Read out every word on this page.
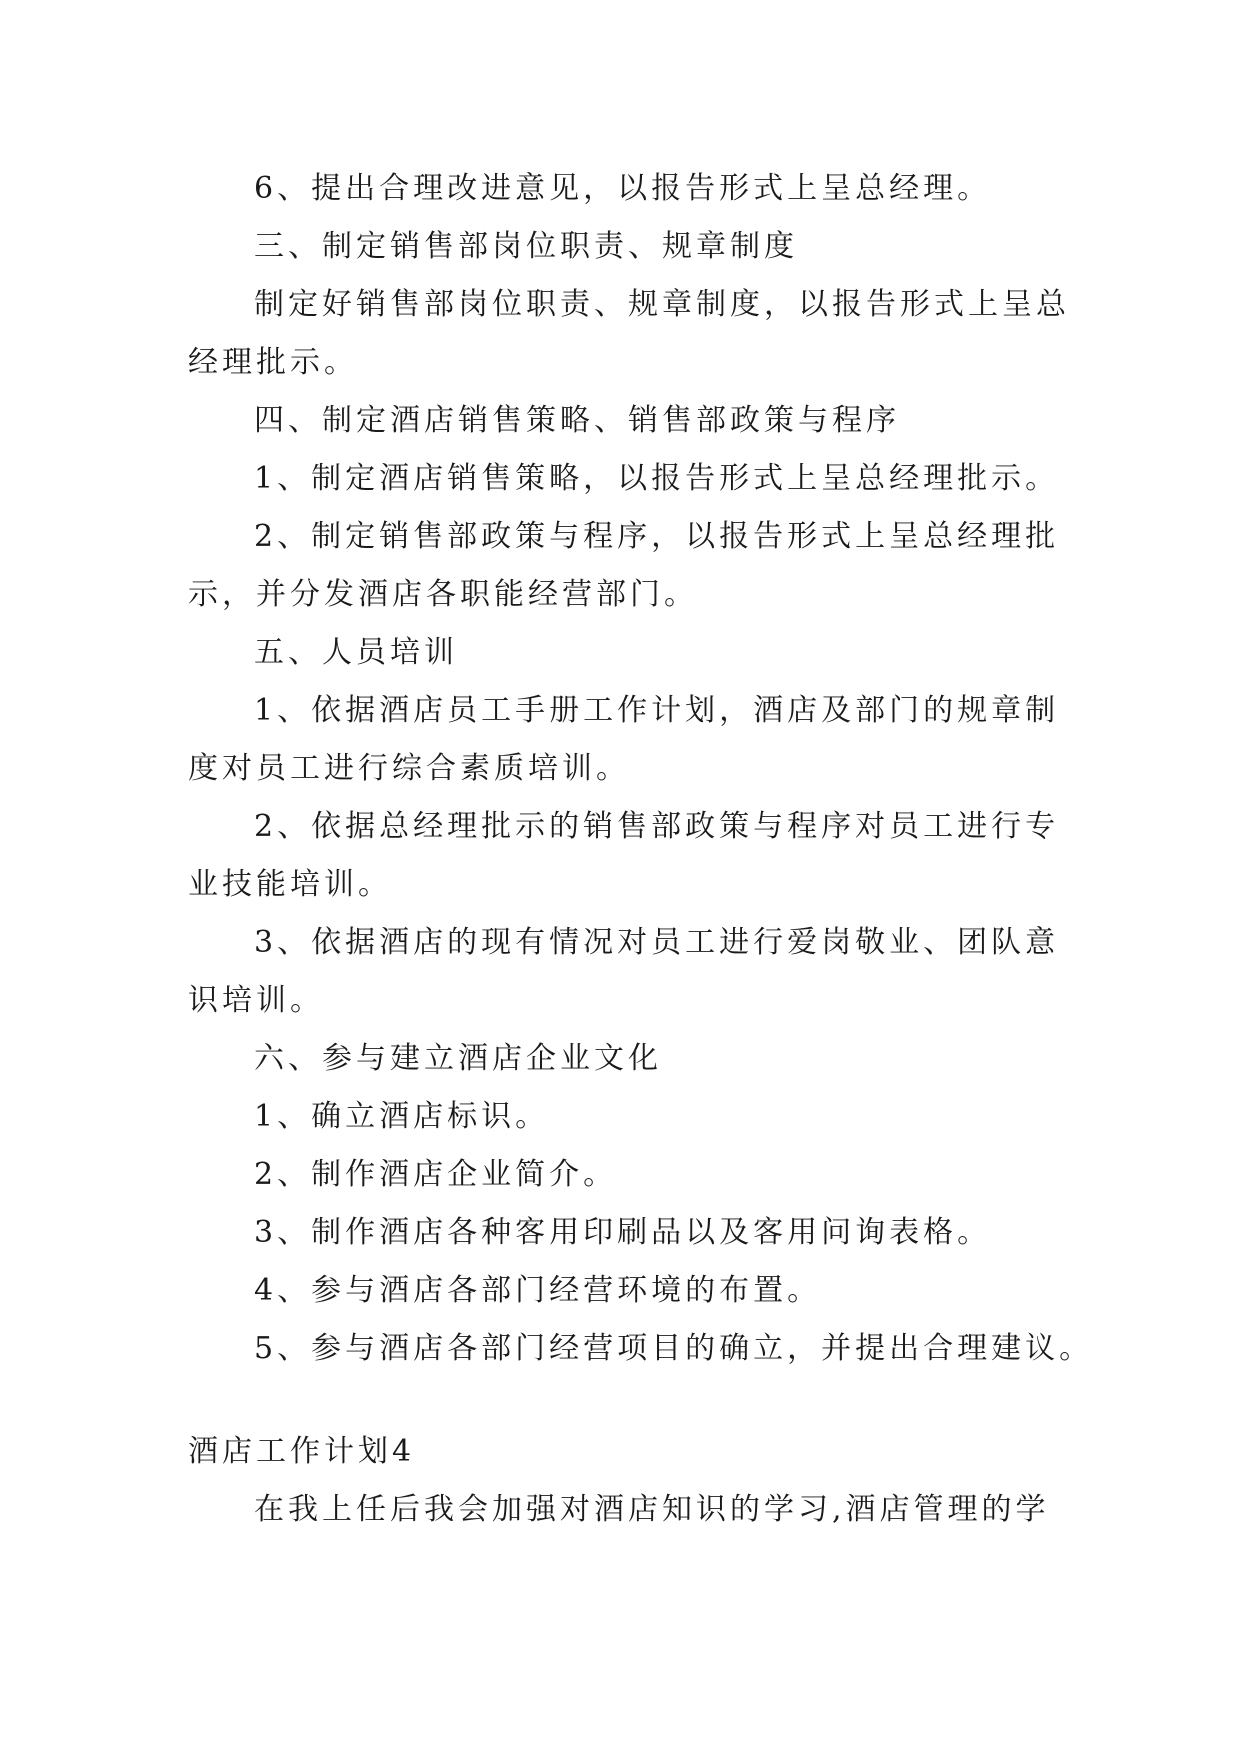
6、提出合理改进意见，以报告形式上呈总经理。
三、制定销售部岗位职责、规章制度
制定好销售部岗位职责、规章制度，以报告形式上呈总
经理批示。
四、制定酒店销售策略、销售部政策与程序
1、制定酒店销售策略，以报告形式上呈总经理批示。
2、制定销售部政策与程序，以报告形式上呈总经理批
示，并分发酒店各职能经营部门。
五、人员培训
1、依据酒店员工手册工作计划，酒店及部门的规章制
度对员工进行综合素质培训。
2、依据总经理批示的销售部政策与程序对员工进行专
业技能培训。
3、依据酒店的现有情况对员工进行爱岗敬业、团队意
识培训。
六、参与建立酒店企业文化
1、确立酒店标识。
2、制作酒店企业简介。
3、制作酒店各种客用印刷品以及客用问询表格。
4、参与酒店各部门经营环境的布置。
5、参与酒店各部门经营项目的确立，并提出合理建议。
酒店工作计划4
在我上任后我会加强对酒店知识的学习,酒店管理的学
